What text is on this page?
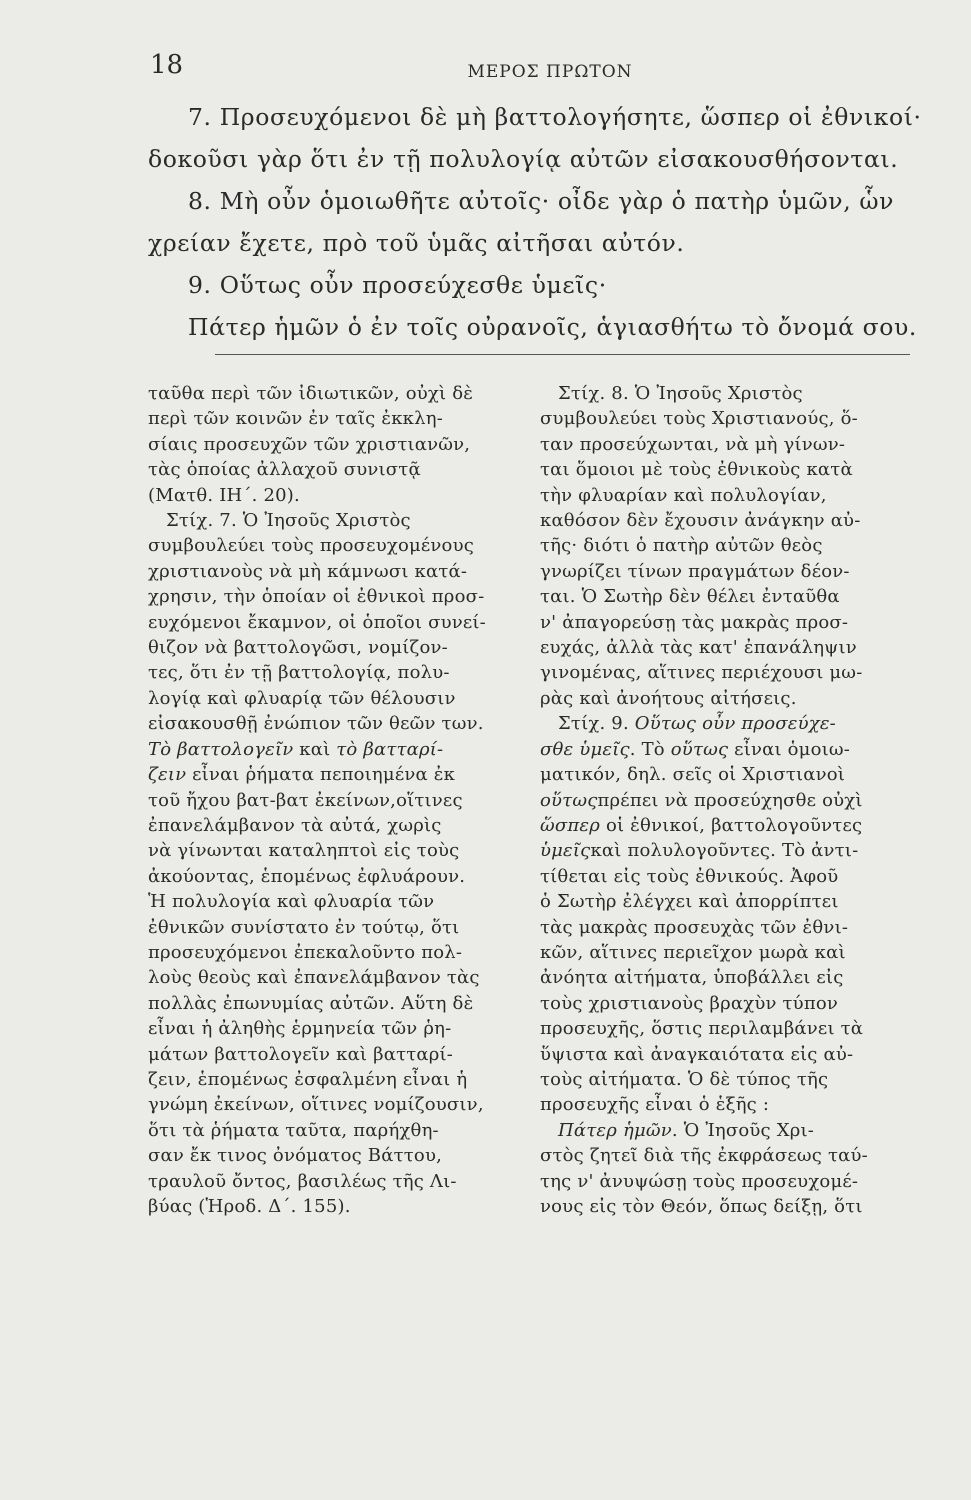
18	ΜΕΡΟΣ ΠΡΩΤΟΝ

7. Προσευχόμενοι δὲ μὴ βαττολογήσητε, ὥσπερ οἱ ἐθνικοί·

δοκοῦσι γὰρ ὅτι ἐν τῇ πολυλογίᾳ αὐτῶν εἰσακουσθήσονται.

8. Μὴ οὖν ὁμοιωθῆτε αὐτοῖς· οἶδε γὰρ ὁ πατὴρ ὑμῶν, ὧν

χρείαν ἔχετε, πρὸ τοῦ ὑμᾶς αἰτῆσαι αὐτόν.

9. Οὕτως οὖν προσεύχεσθε ὑμεῖς·

Πάτερ ἡμῶν ὁ ἐν τοῖς οὐρανοῖς, ἁγιασθήτω τὸ ὄνομά σου.

ταῦθα περὶ τῶν ἰδιωτικῶν, οὐχὶ δὲ

περὶ τῶν κοινῶν ἐν ταῖς ἐκκλη-

σίαις προσευχῶν τῶν χριστιανῶν,

τὰς ὁποίας ἀλλαχοῦ συνιστᾷ

(Ματθ. ΙΗ΄. 20).

Στίχ. 7. Ὁ Ἰησοῦς Χριστὸς

συμβουλεύει τοὺς προσευχομένους

χριστιανοὺς νὰ μὴ κάμνωσι κατά-

χρησιν, τὴν ὁποίαν οἱ ἐθνικοὶ προσ-

ευχόμενοι ἔκαμνον, οἱ ὁποῖοι συνεί-

θιζον νὰ βαττολογῶσι, νομίζον-

τες, ὅτι ἐν τῇ βαττολογίᾳ, πολυ-

λογίᾳ καὶ φλυαρίᾳ τῶν θέλουσιν

εἰσακουσθῇ ἐνώπιον τῶν θεῶν των.

Τὸ βαττολογεῖν καὶ τὸ βατταρί-

ζειν εἶναι ῥήματα πεποιημένα ἐκ

τοῦ ἤχου βατ-βατ ἐκείνων,οἵτινες

ἐπανελάμβανον τὰ αὐτά, χωρὶς

νὰ γίνωνται καταληπτοὶ εἰς τοὺς

ἀκούοντας, ἑπομένως ἐφλυάρουν.

Ἡ πολυλογία καὶ φλυαρία τῶν

ἐθνικῶν συνίστατο ἐν τούτῳ, ὅτι

προσευχόμενοι ἐπεκαλοῦντο πολ-

λοὺς θεοὺς καὶ ἐπανελάμβανον τὰς

πολλὰς ἐπωνυμίας αὐτῶν. Αὕτη δὲ

εἶναι ἡ ἀληθὴς ἑρμηνεία τῶν ῥη-

μάτων βαττολογεῖν καὶ βατταρί-

ζειν, ἑπομένως ἐσφαλμένη εἶναι ἡ

γνώμη ἐκείνων, οἵτινες νομίζουσιν,

ὅτι τὰ ῥήματα ταῦτα, παρήχθη-

σαν ἔκ τινος ὀνόματος Βάττου,

τραυλοῦ ὄντος, βασιλέως τῆς Λι-

βύας (Ἡροδ. Δ΄. 155).

Στίχ. 8. Ὁ Ἰησοῦς Χριστὸς

συμβουλεύει τοὺς Χριστιανούς, ὅ-

ταν προσεύχωνται, νὰ μὴ γίνων-

ται ὅμοιοι μὲ τοὺς ἐθνικοὺς κατὰ

τὴν φλυαρίαν καὶ πολυλογίαν,

καθόσον δὲν ἔχουσιν ἀνάγκην αὐ-

τῆς· διότι ὁ πατὴρ αὐτῶν θεὸς

γνωρίζει τίνων πραγμάτων δέον-

ται. Ὁ Σωτὴρ δὲν θέλει ἐνταῦθα

ν' ἀπαγορεύσῃ τὰς μακρὰς προσ-

ευχάς, ἀλλὰ τὰς κατ' ἐπανάληψιν

γινομένας, αἵτινες περιέχουσι μω-

ρὰς καὶ ἀνοήτους αἰτήσεις.

Στίχ. 9. Οὕτως οὖν προσεύχε-

σθε ὑμεῖς. Τὸ οὕτως εἶναι ὁμοιω-

ματικόν, δηλ. σεῖς οἱ Χριστιανοὶ

οὕτωςπρέπει νὰ προσεύχησθε οὐχὶ

ὥσπερ οἱ ἐθνικοί, βαττολογοῦντες

ὑμεῖςκαὶ πολυλογοῦντες. Τὸ ἀντι-

τίθεται εἰς τοὺς ἐθνικούς. Ἀφοῦ

ὁ Σωτὴρ ἐλέγχει καὶ ἀπορρίπτει

τὰς μακρὰς προσευχὰς τῶν ἐθνι-

κῶν, αἵτινες περιεῖχον μωρὰ καὶ

ἀνόητα αἰτήματα, ὑποβάλλει εἰς

τοὺς χριστιανοὺς βραχὺν τύπον

προσευχῆς, ὅστις περιλαμβάνει τὰ

ὕψιστα καὶ ἀναγκαιότατα εἰς αὐ-

τοὺς αἰτήματα. Ὁ δὲ τύπος τῆς

προσευχῆς εἶναι ὁ ἑξῆς :

Πάτερ ἡμῶν. Ὁ Ἰησοῦς Χρι-

στὸς ζητεῖ διὰ τῆς ἐκφράσεως ταύ-

της ν' ἀνυψώσῃ τοὺς προσευχομέ-

νους εἰς τὸν Θεόν, ὅπως δείξῃ, ὅτι
